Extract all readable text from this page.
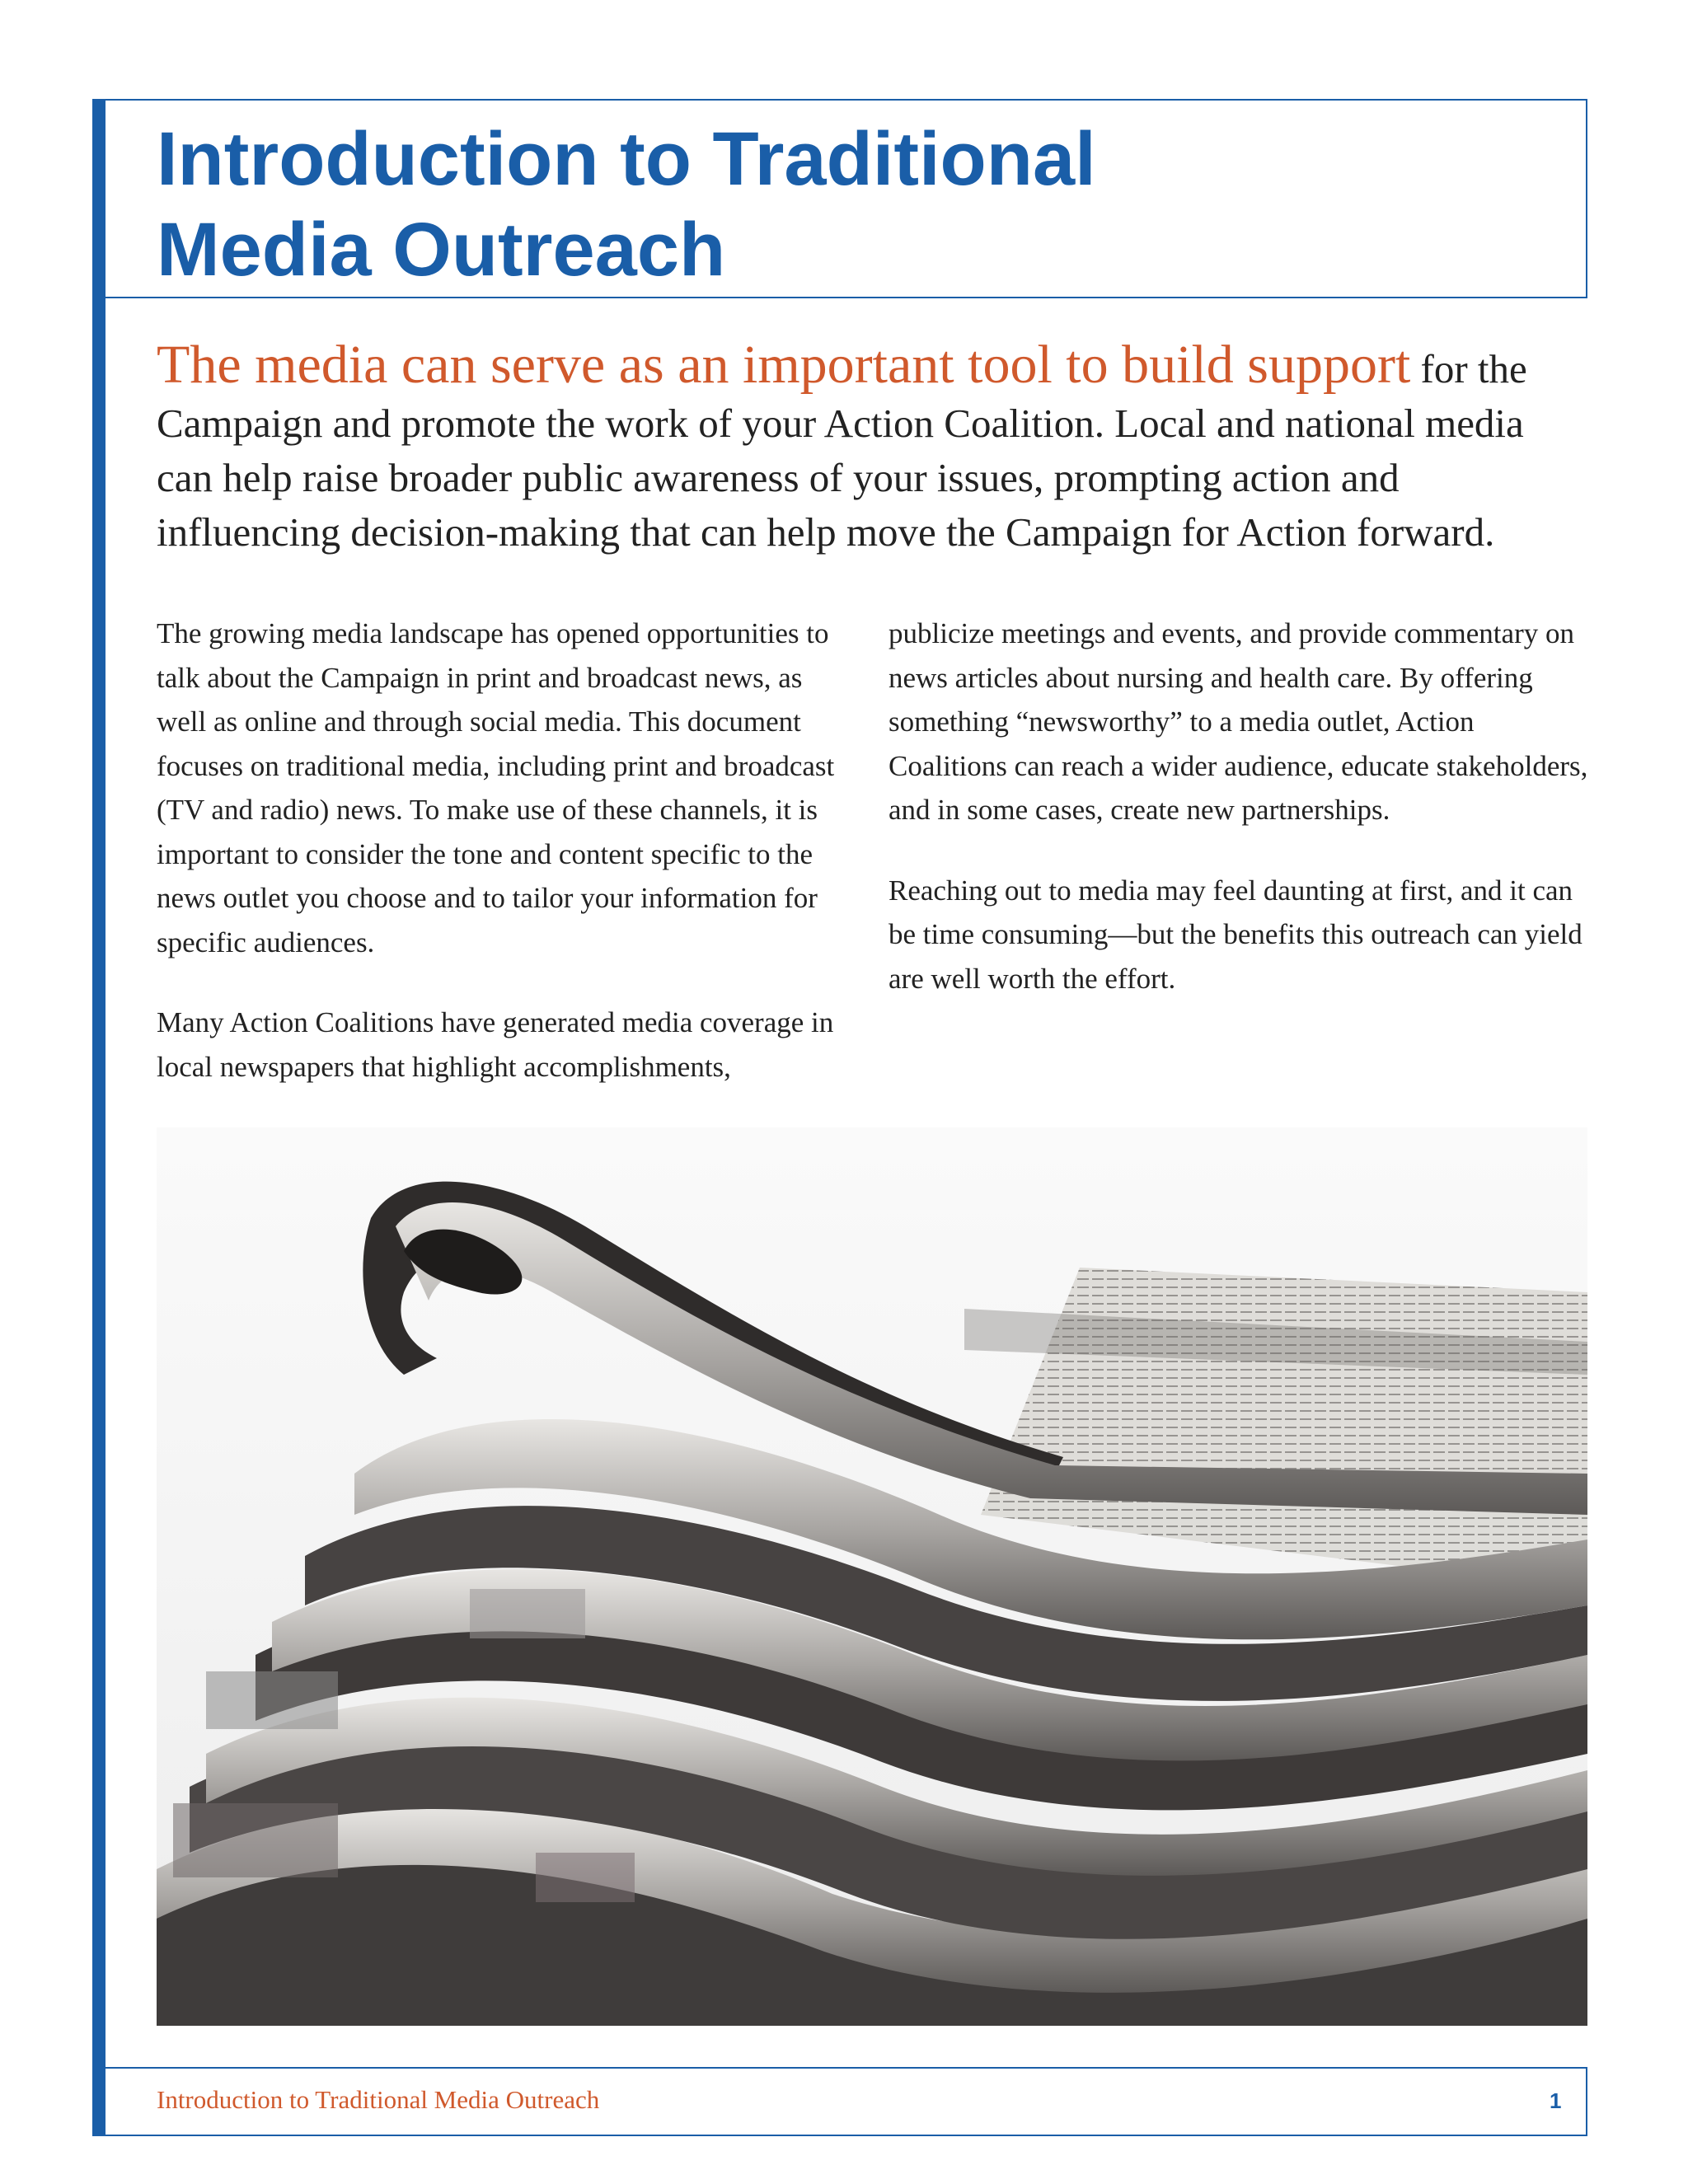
Introduction to Traditional
Media Outreach

The media can serve as an important tool to build support for the Campaign and promote the work of your Action Coalition. Local and national media can help raise broader public awareness of your issues, prompting action and influencing decision-making that can help move the Campaign for Action forward.

The growing media landscape has opened opportunities to talk about the Campaign in print and broadcast news, as well as online and through social media. This document focuses on traditional media, including print and broadcast (TV and radio) news. To make use of these channels, it is important to consider the tone and content specific to the news outlet you choose and to tailor your information for specific audiences.

Many Action Coalitions have generated media coverage in local newspapers that highlight accomplishments,

publicize meetings and events, and provide commentary on news articles about nursing and health care. By offering something “newsworthy” to a media outlet, Action Coalitions can reach a wider audience, educate stakeholders, and in some cases, create new partnerships.

Reaching out to media may feel daunting at first, and it can be time consuming—but the benefits this outreach can yield are well worth the effort.

Introduction to Traditional Media Outreach	1
